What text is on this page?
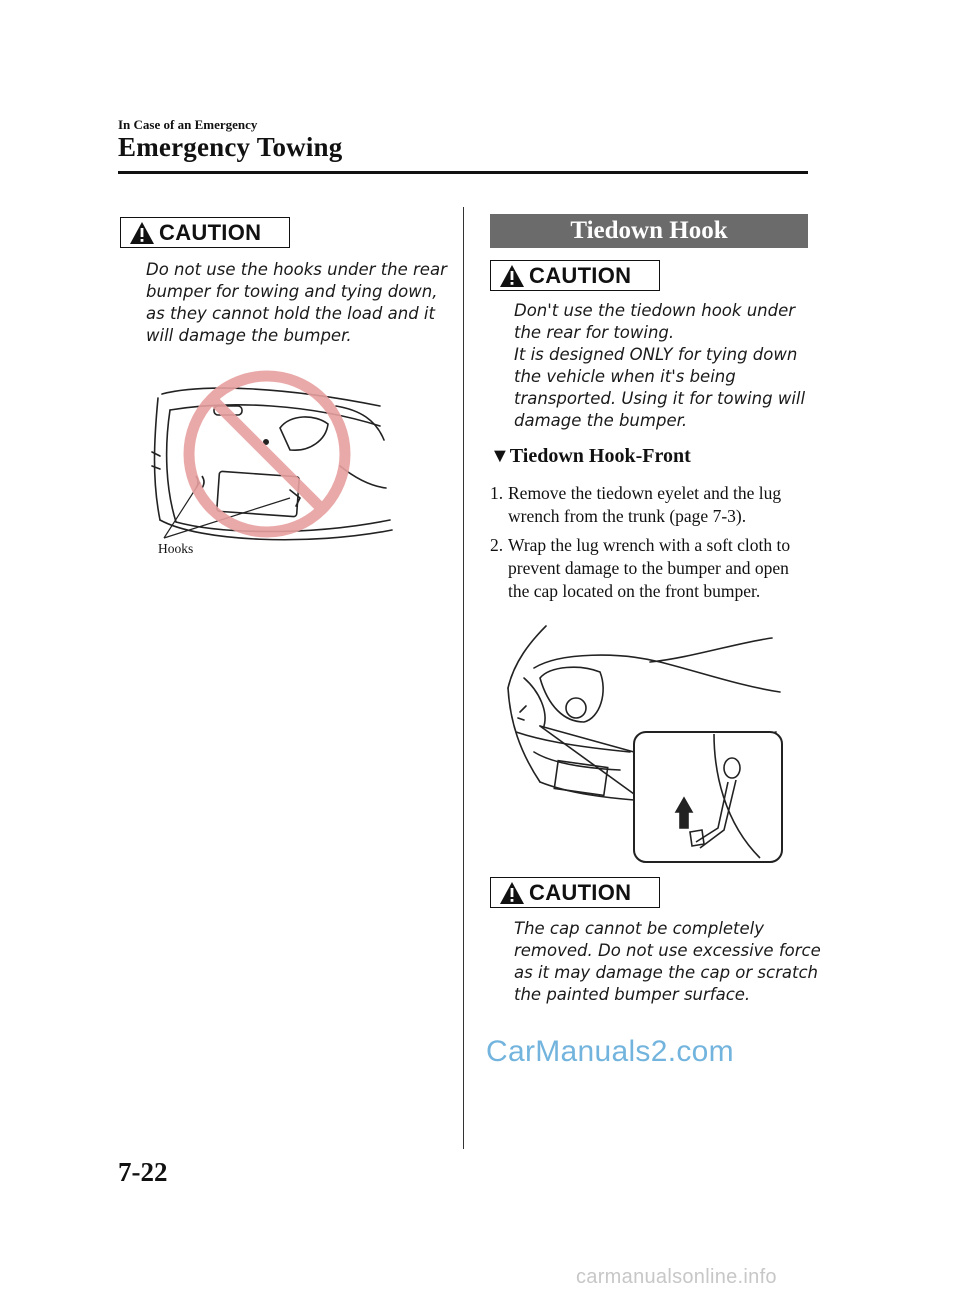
In Case of an Emergency
Emergency Towing
CAUTION
Do not use the hooks under the rear
bumper for towing and tying down,
as they cannot hold the load and it
will damage the bumper.
Hooks
Tiedown Hook
CAUTION
Don't use the tiedown hook under
the rear for towing.
It is designed ONLY for tying down
the vehicle when it's being
transported. Using it for towing will
damage the bumper.
▼Tiedown Hook-Front
1. Remove the tiedown eyelet and the lug wrench from the trunk (page 7-3).
2. Wrap the lug wrench with a soft cloth to prevent damage to the bumper and open the cap located on the front bumper.
CAUTION
The cap cannot be completely
removed. Do not use excessive force
as it may damage the cap or scratch
the painted bumper surface.
CarManuals2.com
7-22
carmanualsonline.info
